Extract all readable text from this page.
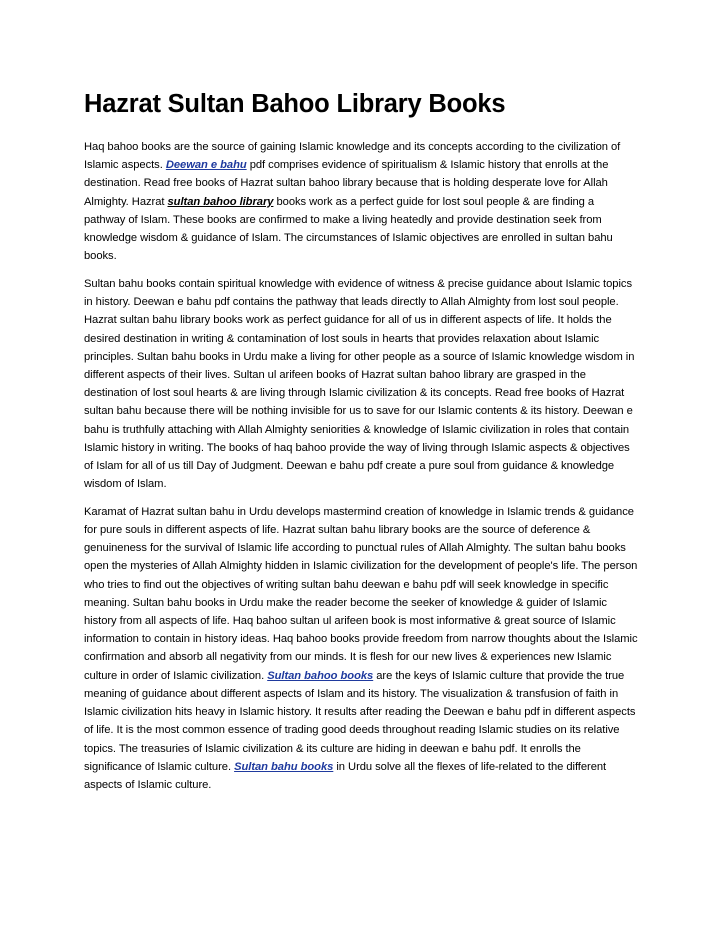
Hazrat Sultan Bahoo Library Books

Haq bahoo books are the source of gaining Islamic knowledge and its concepts according to the civilization of Islamic aspects. Deewan e bahu pdf comprises evidence of spiritualism & Islamic history that enrolls at the destination. Read free books of Hazrat sultan bahoo library because that is holding desperate love for Allah Almighty. Hazrat sultan bahoo library books work as a perfect guide for lost soul people & are finding a pathway of Islam. These books are confirmed to make a living heatedly and provide destination seek from knowledge wisdom & guidance of Islam. The circumstances of Islamic objectives are enrolled in sultan bahu books.

Sultan bahu books contain spiritual knowledge with evidence of witness & precise guidance about Islamic topics in history. Deewan e bahu pdf contains the pathway that leads directly to Allah Almighty from lost soul people. Hazrat sultan bahu library books work as perfect guidance for all of us in different aspects of life. It holds the desired destination in writing & contamination of lost souls in hearts that provides relaxation about Islamic principles. Sultan bahu books in Urdu make a living for other people as a source of Islamic knowledge wisdom in different aspects of their lives. Sultan ul arifeen books of Hazrat sultan bahoo library are grasped in the destination of lost soul hearts & are living through Islamic civilization & its concepts. Read free books of Hazrat sultan bahu because there will be nothing invisible for us to save for our Islamic contents & its history. Deewan e bahu is truthfully attaching with Allah Almighty seniorities & knowledge of Islamic civilization in roles that contain Islamic history in writing. The books of haq bahoo provide the way of living through Islamic aspects & objectives of Islam for all of us till Day of Judgment. Deewan e bahu pdf create a pure soul from guidance & knowledge wisdom of Islam.

Karamat of Hazrat sultan bahu in Urdu develops mastermind creation of knowledge in Islamic trends & guidance for pure souls in different aspects of life. Hazrat sultan bahu library books are the source of deference & genuineness for the survival of Islamic life according to punctual rules of Allah Almighty. The sultan bahu books open the mysteries of Allah Almighty hidden in Islamic civilization for the development of people's life. The person who tries to find out the objectives of writing sultan bahu deewan e bahu pdf will seek knowledge in specific meaning. Sultan bahu books in Urdu make the reader become the seeker of knowledge & guider of Islamic history from all aspects of life. Haq bahoo sultan ul arifeen book is most informative & great source of Islamic information to contain in history ideas. Haq bahoo books provide freedom from narrow thoughts about the Islamic confirmation and absorb all negativity from our minds. It is flesh for our new lives & experiences new Islamic culture in order of Islamic civilization. Sultan bahoo books are the keys of Islamic culture that provide the true meaning of guidance about different aspects of Islam and its history. The visualization & transfusion of faith in Islamic civilization hits heavy in Islamic history. It results after reading the Deewan e bahu pdf in different aspects of life. It is the most common essence of trading good deeds throughout reading Islamic studies on its relative topics. The treasuries of Islamic civilization & its culture are hiding in deewan e bahu pdf. It enrolls the significance of Islamic culture. Sultan bahu books in Urdu solve all the flexes of life-related to the different aspects of Islamic culture.
